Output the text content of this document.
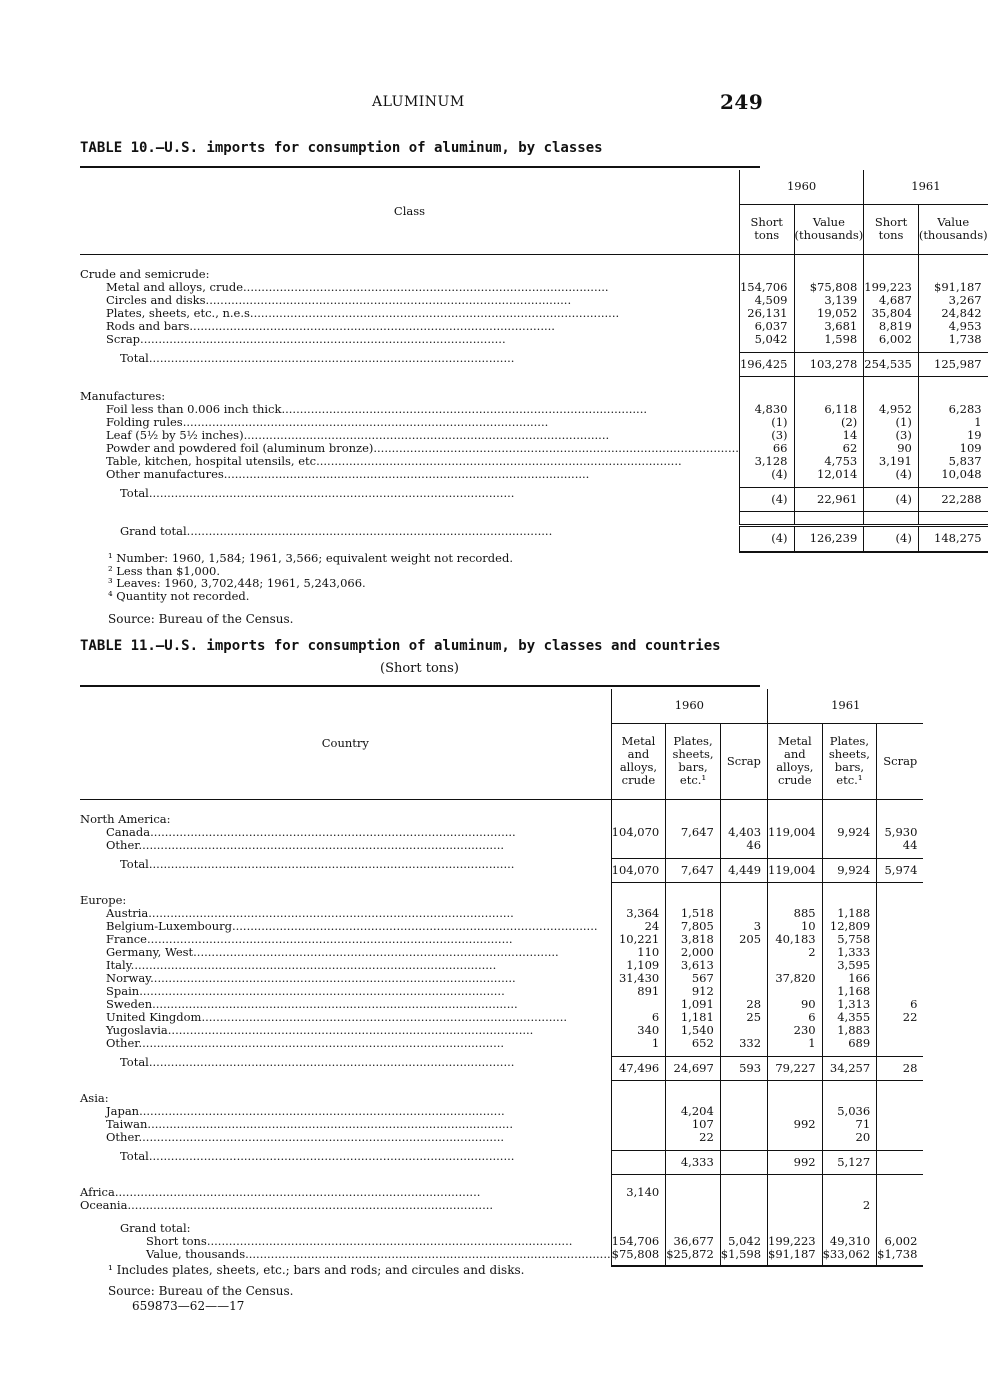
ALUMINUM	249
TABLE 10.—U.S. imports for consumption of aluminum, by classes
Class	1960		1961	
	Short tons	Value (thousands)	Short tons	Value (thousands)

Crude and semicrude:				
Metal and alloys, crude....................................................................................................	154,706	$75,808	199,223	$91,187
Circles and disks....................................................................................................	4,509	3,139	4,687	3,267
Plates, sheets, etc., n.e.s.....................................................................................................	26,131	19,052	35,804	24,842
Rods and bars....................................................................................................	6,037	3,681	8,819	4,953
Scrap....................................................................................................	5,042	1,598	6,002	1,738

Total....................................................................................................	196,425	103,278	254,535	125,987

Manufactures:				
Foil less than 0.006 inch thick....................................................................................................	4,830	6,118	4,952	6,283
Folding rules....................................................................................................	(1)	(2)	(1)	1
Leaf (5½ by 5½ inches)....................................................................................................	(3)	14	(3)	19
Powder and powdered foil (aluminum bronze)....................................................................................................	66	62	90	109
Table, kitchen, hospital utensils, etc....................................................................................................	3,128	4,753	3,191	5,837
Other manufactures....................................................................................................	(4)	12,014	(4)	10,048

Total....................................................................................................	(4)	22,961	(4)	22,288

Grand total....................................................................................................	(4)	126,239	(4)	148,275
¹ Number: 1960, 1,584; 1961, 3,566; equivalent weight not recorded.
² Less than $1,000.
³ Leaves: 1960, 3,702,448; 1961, 5,243,066.
⁴ Quantity not recorded.
Source: Bureau of the Census.
TABLE 11.—U.S. imports for consumption of aluminum, by classes and countries
(Short tons)
Country	1960			1961		
	Metal and alloys, crude	Plates, sheets, bars, etc.¹	Scrap	Metal and alloys, crude	Plates, sheets, bars, etc.¹	Scrap

North America:						
Canada....................................................................................................	104,070	7,647	4,403	119,004	9,924	5,930
Other....................................................................................................			46			44

Total....................................................................................................	104,070	7,647	4,449	119,004	9,924	5,974

Europe:						
Austria....................................................................................................	3,364	1,518		885	1,188	
Belgium-Luxembourg....................................................................................................	24	7,805	3	10	12,809	
France....................................................................................................	10,221	3,818	205	40,183	5,758	
Germany, West....................................................................................................	110	2,000		2	1,333	
Italy....................................................................................................	1,109	3,613			3,595	
Norway....................................................................................................	31,430	567		37,820	166	
Spain....................................................................................................	891	912			1,168	
Sweden....................................................................................................		1,091	28	90	1,313	6
United Kingdom....................................................................................................	6	1,181	25	6	4,355	22
Yugoslavia....................................................................................................	340	1,540		230	1,883	
Other....................................................................................................	1	652	332	1	689	

Total....................................................................................................	47,496	24,697	593	79,227	34,257	28

Asia:						
Japan....................................................................................................		4,204			5,036	
Taiwan....................................................................................................		107		992	71	
Other....................................................................................................		22			20	

Total....................................................................................................		4,333		992	5,127	

Africa....................................................................................................	3,140					
Oceania....................................................................................................					2	

Grand total:						
Short tons....................................................................................................	154,706	36,677	5,042	199,223	49,310	6,002
Value, thousands....................................................................................................	$75,808	$25,872	$1,598	$91,187	$33,062	$1,738
¹ Includes plates, sheets, etc.; bars and rods; and circules and disks.
Source: Bureau of the Census.
659873—62——17
